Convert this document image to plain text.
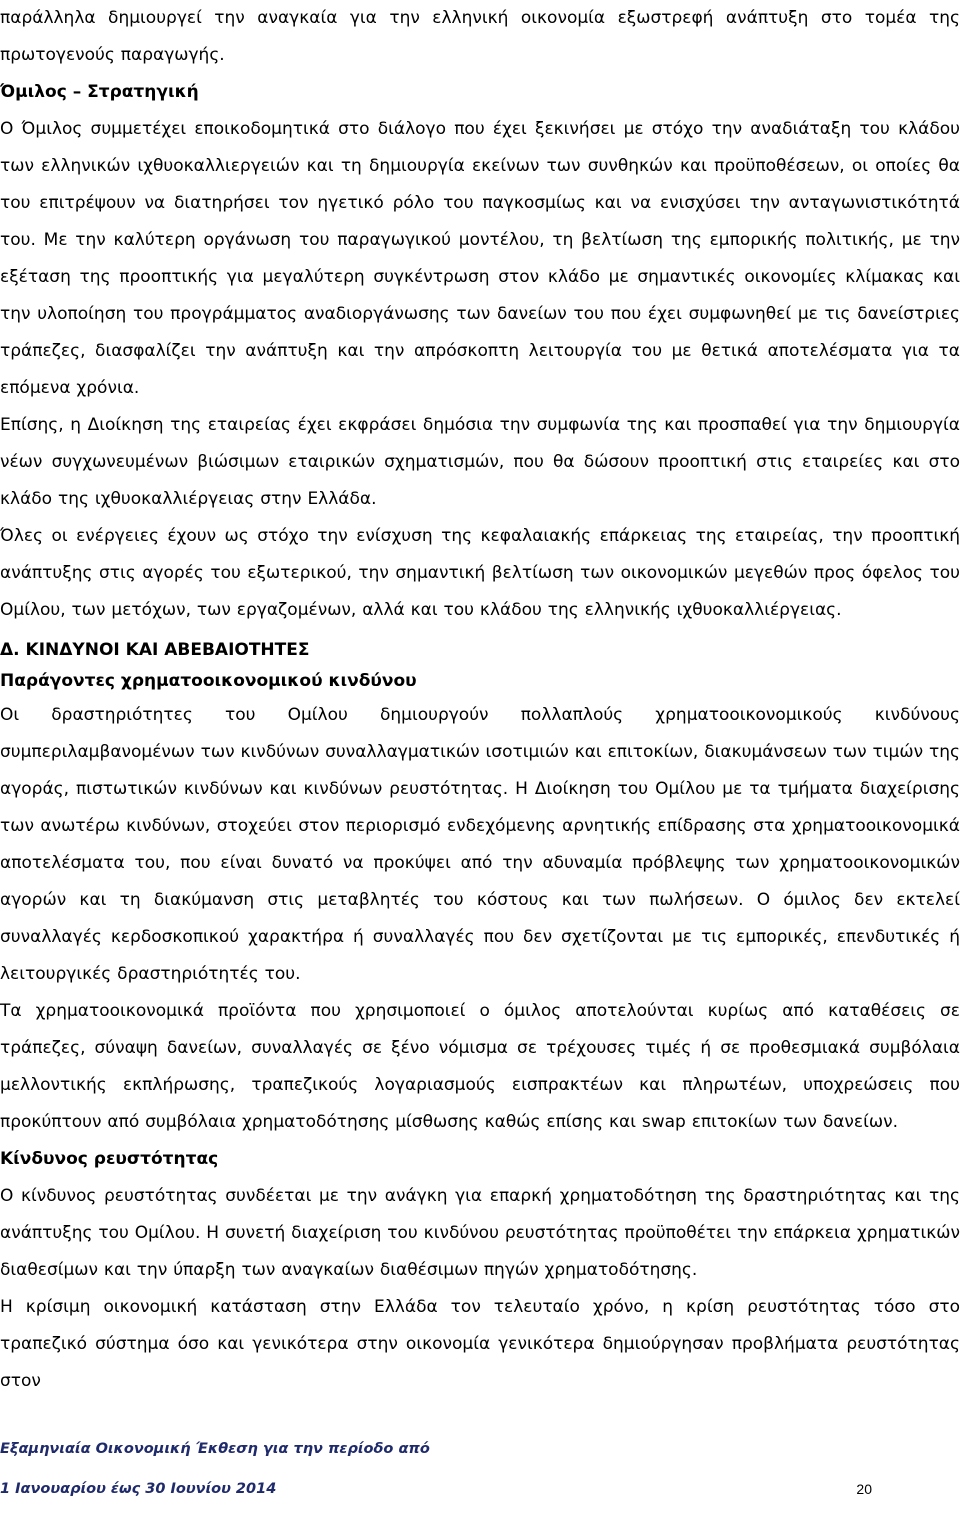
παράλληλα δημιουργεί την αναγκαία για την ελληνική οικονομία εξωστρεφή ανάπτυξη στο τομέα της πρωτογενούς παραγωγής.

Όμιλος – Στρατηγική

Ο Όμιλος συμμετέχει εποικοδομητικά στο διάλογο που έχει ξεκινήσει με στόχο την αναδιάταξη του κλάδου των ελληνικών ιχθυοκαλλιεργειών και τη δημιουργία εκείνων των συνθηκών και προϋποθέσεων, οι οποίες θα του επιτρέψουν να διατηρήσει τον ηγετικό ρόλο του παγκοσμίως και να ενισχύσει την ανταγωνιστικότητά του. Με την καλύτερη οργάνωση του παραγωγικού μοντέλου, τη βελτίωση της εμπορικής πολιτικής, με την εξέταση της προοπτικής για μεγαλύτερη συγκέντρωση στον κλάδο με σημαντικές οικονομίες κλίμακας και την υλοποίηση του προγράμματος αναδιοργάνωσης των δανείων του που έχει συμφωνηθεί με τις δανείστριες τράπεζες, διασφαλίζει την ανάπτυξη και την απρόσκοπτη λειτουργία του με θετικά αποτελέσματα για τα επόμενα χρόνια.

Επίσης, η Διοίκηση της εταιρείας έχει εκφράσει δημόσια την συμφωνία της και προσπαθεί για την δημιουργία νέων συγχωνευμένων βιώσιμων εταιρικών σχηματισμών, που θα δώσουν προοπτική στις εταιρείες και στο κλάδο της ιχθυοκαλλιέργειας στην Ελλάδα.

Όλες οι ενέργειες έχουν ως στόχο την ενίσχυση της κεφαλαιακής επάρκειας της εταιρείας, την προοπτική ανάπτυξης στις αγορές του εξωτερικού, την σημαντική βελτίωση των οικονομικών μεγεθών προς όφελος του Ομίλου, των μετόχων, των εργαζομένων, αλλά και του κλάδου της ελληνικής ιχθυοκαλλιέργειας.

Δ. ΚΙΝΔΥΝΟΙ ΚΑΙ ΑΒΕΒΑΙΟΤΗΤΕΣ
Παράγοντες χρηματοοικονομικού κινδύνου

Οι δραστηριότητες του Ομίλου δημιουργούν πολλαπλούς χρηματοοικονομικούς κινδύνους συμπεριλαμβανομένων των κινδύνων συναλλαγματικών ισοτιμιών και επιτοκίων, διακυμάνσεων των τιμών της αγοράς, πιστωτικών κινδύνων και κινδύνων ρευστότητας. Η Διοίκηση του Ομίλου με τα τμήματα διαχείρισης των ανωτέρω κινδύνων, στοχεύει στον περιορισμό ενδεχόμενης αρνητικής επίδρασης στα χρηματοοικονομικά αποτελέσματα του, που είναι δυνατό να προκύψει από την αδυναμία πρόβλεψης των χρηματοοικονομικών αγορών και τη διακύμανση στις μεταβλητές του κόστους και των πωλήσεων. Ο όμιλος δεν εκτελεί συναλλαγές κερδοσκοπικού χαρακτήρα ή συναλλαγές που δεν σχετίζονται με τις εμπορικές, επενδυτικές ή λειτουργικές δραστηριότητές του.

Τα χρηματοοικονομικά προϊόντα που χρησιμοποιεί ο όμιλος αποτελούνται κυρίως από καταθέσεις σε τράπεζες, σύναψη δανείων, συναλλαγές σε ξένο νόμισμα σε τρέχουσες τιμές ή σε προθεσμιακά συμβόλαια μελλοντικής εκπλήρωσης, τραπεζικούς λογαριασμούς εισπρακτέων και πληρωτέων, υποχρεώσεις που προκύπτουν από συμβόλαια χρηματοδότησης μίσθωσης καθώς επίσης και swap επιτοκίων των δανείων.

Κίνδυνος ρευστότητας

Ο κίνδυνος ρευστότητας συνδέεται με την ανάγκη για επαρκή χρηματοδότηση της δραστηριότητας και της ανάπτυξης του Ομίλου. Η συνετή διαχείριση του κινδύνου ρευστότητας προϋποθέτει την επάρκεια χρηματικών διαθεσίμων και την ύπαρξη των αναγκαίων διαθέσιμων πηγών χρηματοδότησης.

Η κρίσιμη οικονομική κατάσταση στην Ελλάδα τον τελευταίο χρόνο, η κρίση ρευστότητας τόσο στο τραπεζικό σύστημα όσο και γενικότερα στην οικονομία γενικότερα δημιούργησαν προβλήματα ρευστότητας στον

Εξαμηνιαία Οικονομική Έκθεση για την περίοδο από
1 Ιανουαρίου έως 30 Ιουνίου 2014	20
